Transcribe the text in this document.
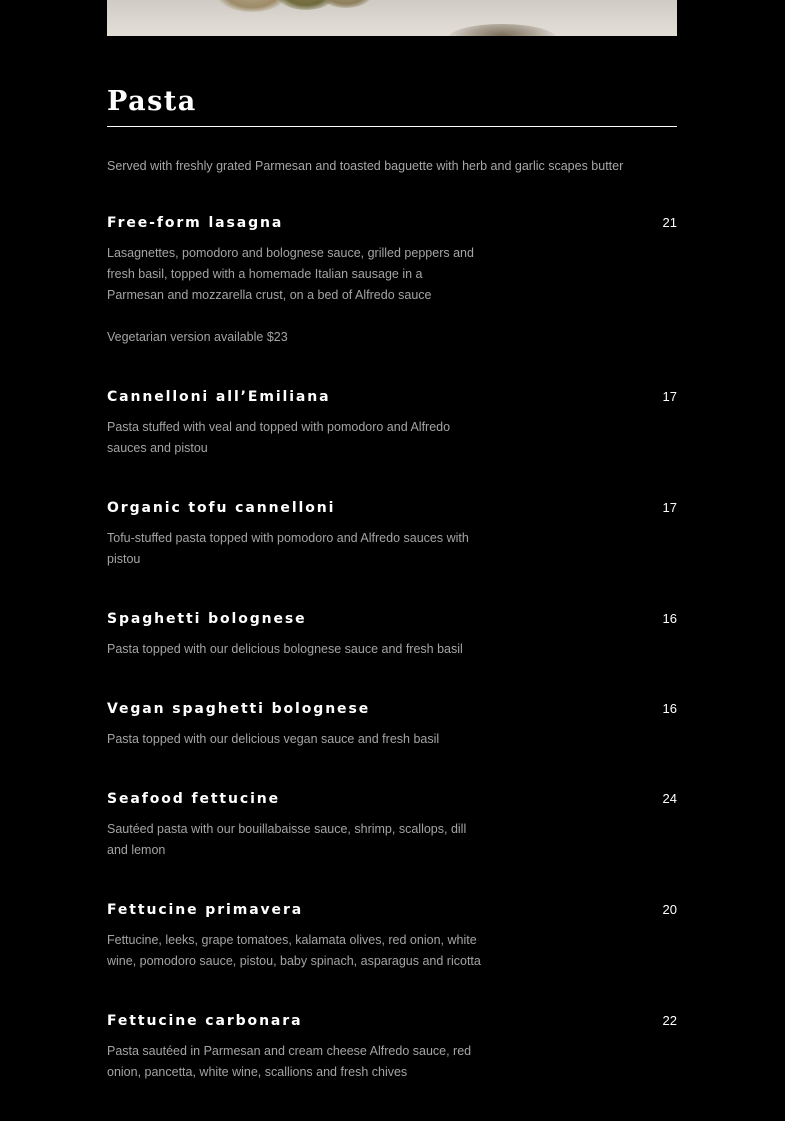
Pasta
Served with freshly grated Parmesan and toasted baguette with herb and garlic scapes butter
Free-form lasagna	21
Lasagnettes, pomodoro and bolognese sauce, grilled peppers and fresh basil, topped with a homemade Italian sausage in a Parmesan and mozzarella crust, on a bed of Alfredo sauce
Vegetarian version available $23
Cannelloni all’Emiliana	17
Pasta stuffed with veal and topped with pomodoro and Alfredo sauces and pistou
Organic tofu cannelloni	17
Tofu-stuffed pasta topped with pomodoro and Alfredo sauces with pistou
Spaghetti bolognese	16
Pasta topped with our delicious bolognese sauce and fresh basil
Vegan spaghetti bolognese	16
Pasta topped with our delicious vegan sauce and fresh basil
Seafood fettucine	24
Sautéed pasta with our bouillabaisse sauce, shrimp, scallops, dill and lemon
Fettucine primavera	20
Fettucine, leeks, grape tomatoes, kalamata olives, red onion, white wine, pomodoro sauce, pistou, baby spinach, asparagus and ricotta
Fettucine carbonara	22
Pasta sautéed in Parmesan and cream cheese Alfredo sauce, red onion, pancetta, white wine, scallions and fresh chives
